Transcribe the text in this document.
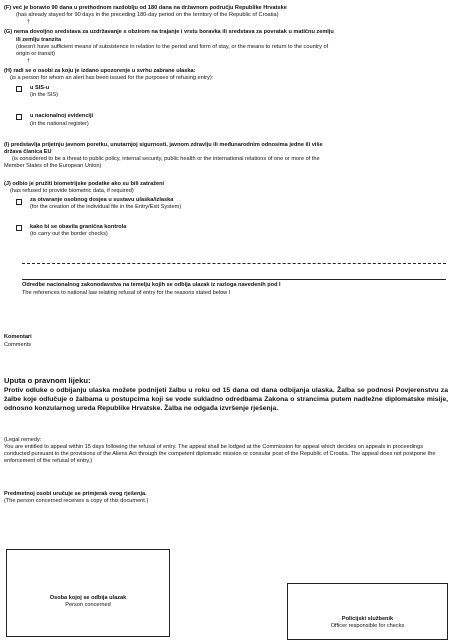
(F) već je boravio 90 dana u prethodnom razdoblju od 180 dana na državnom području Republike Hrvatske
(has already stayed for 90 days in the preceding 180-day period on the territory of the Republic of Croatia)
†
(G) nema dovoljno sredstava za uzdržavanje s obzirom na trajanje i vrstu boravka ili sredstava za povratak u matičnu zemlju
ili zemlju tranzita
(doesn't have sufficient means of subsistence in relation to the period and form of stay, or the means to return to the country of
origin or transit)
†
(H) radi se o osobi za koju je izdano upozorenje u svrhu zabrane ulaska:
(is a person for whom an alert has been issued for the purposes of refusing entry):
u SIS-u
(in the SIS)
u nacionalnoj evidenciji
(in the national register)
(I) predstavlja prijetnju javnom poretku, unutarnjoj sigurnosti, javnom zdravlju ili međunarodnim odnosima jedne ili više
država članica EU
(is considered to be a threat to public policy, internal security, public health or the international relations of one or more of the
Member States of the European Union)
(J) odbio je pružiti biometrijske podatke ako su bili zatraženi
(has refused to provide biometric data, if required)
za otvaranje osobnog dosjea u sustavu ulaska/izlaska
(for the creation of the individual file in the Entry/Exit System)
kako bi se obavila granična kontrola
(to carry out the border checks)
Odredbe nacionalnog zakonodavstva na temelju kojih se odbija ulazak iz razloga navedenih pod I
The references to national law relating refusal of entry for the reasons stated below I
Komentari
Comments
Uputa o pravnom lijeku:
Protiv odluke o odbijanju ulaska možete podnijeti žalbu u roku od 15 dana od dana odbijanja ulaska. Žalba se podnosi Povjerenstvu za žalbe koje odlučuje o žalbama u postupcima koji se vode sukladno odredbama Zakona o strancima putem nadležne diplomatske misije, odnosno konzularnog ureda Republike Hrvatske. Žalba ne odgađa izvršenje rješenja.
(Legal remedy:
You are entitled to appeal within 15 days following the refusal of entry. The appeal shall be lodged at the Commission for appeal which decides on appeals in proceedings conducted pursuant to the provisions of the Aliens Act through the competent diplomatic mission or consular post of the Republic of Croatia. The appeal does not postpone the enforcement of the refusal of entry.)
Predmetnoj osobi uručuje se primjerak ovog rješenja.
(The person concerned receives a copy of this document.)
Osoba kojoj se odbija ulazak
Person concerned
Policijski službenik
Officer responsible for checks
